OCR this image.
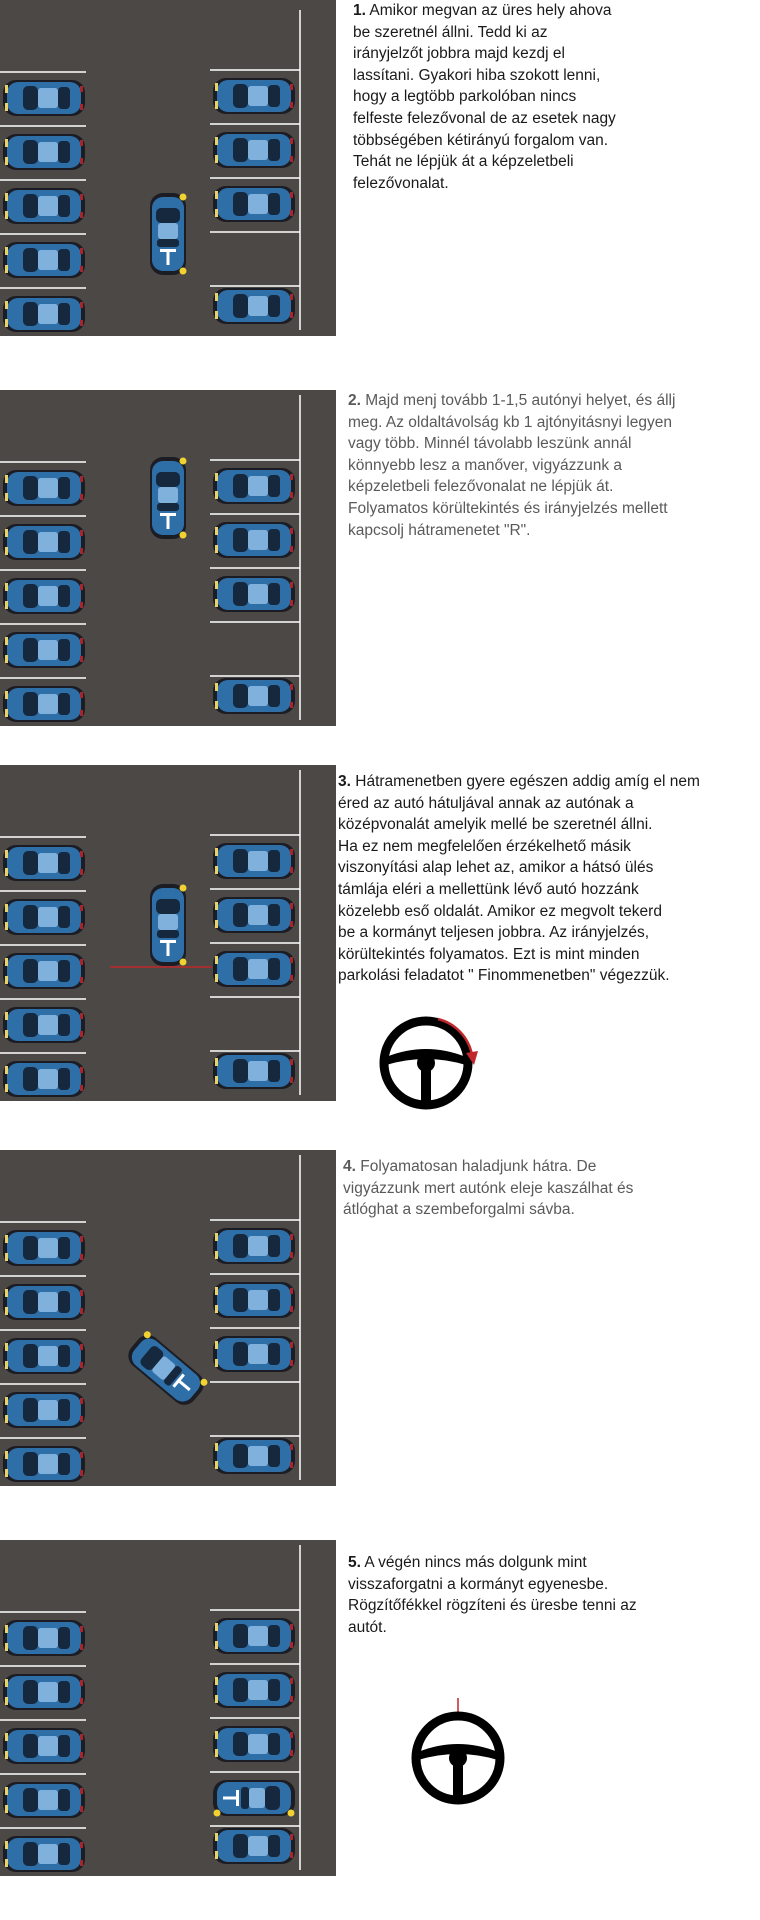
1. Amikor megvan az üres hely ahova
be szeretnél állni. Tedd ki az
irányjelzőt jobbra majd kezdj el
lassítani. Gyakori hiba szokott lenni,
hogy a legtöbb parkolóban nincs
felfeste felezővonal de az esetek nagy
többségében kétirányú forgalom van.
Tehát ne lépjük át a képzeletbeli
felezővonalat.
2. Majd menj tovább 1-1,5 autónyi helyet, és állj
meg. Az oldaltávolság kb 1 ajtónyitásnyi legyen
vagy több. Minnél távolabb leszünk annál
könnyebb lesz a manőver, vigyázzunk a
képzeletbeli felezővonalat ne lépjük át.
Folyamatos körültekintés és irányjelzés mellett
kapcsolj hátramenetet "R".
3. Hátramenetben gyere egészen addig amíg el nem
éred az autó hátuljával annak az autónak a
középvonalát amelyik mellé be szeretnél állni.
Ha ez nem megfelelően érzékelhető másik
viszonyítási alap lehet az, amikor a hátsó ülés
támlája eléri a mellettünk lévő autó hozzánk
közelebb eső oldalát. Amikor ez megvolt tekerd
be a kormányt teljesen jobbra. Az irányjelzés,
körültekintés folyamatos. Ezt is mint minden
parkolási feladatot " Finommenetben" végezzük.
4. Folyamatosan haladjunk hátra. De
vigyázzunk mert autónk eleje kaszálhat és
átlóghat a szembeforgalmi sávba.
5. A végén nincs más dolgunk mint
visszaforgatni a kormányt egyenesbe.
Rögzítőfékkel rögzíteni és üresbe tenni az
autót.
